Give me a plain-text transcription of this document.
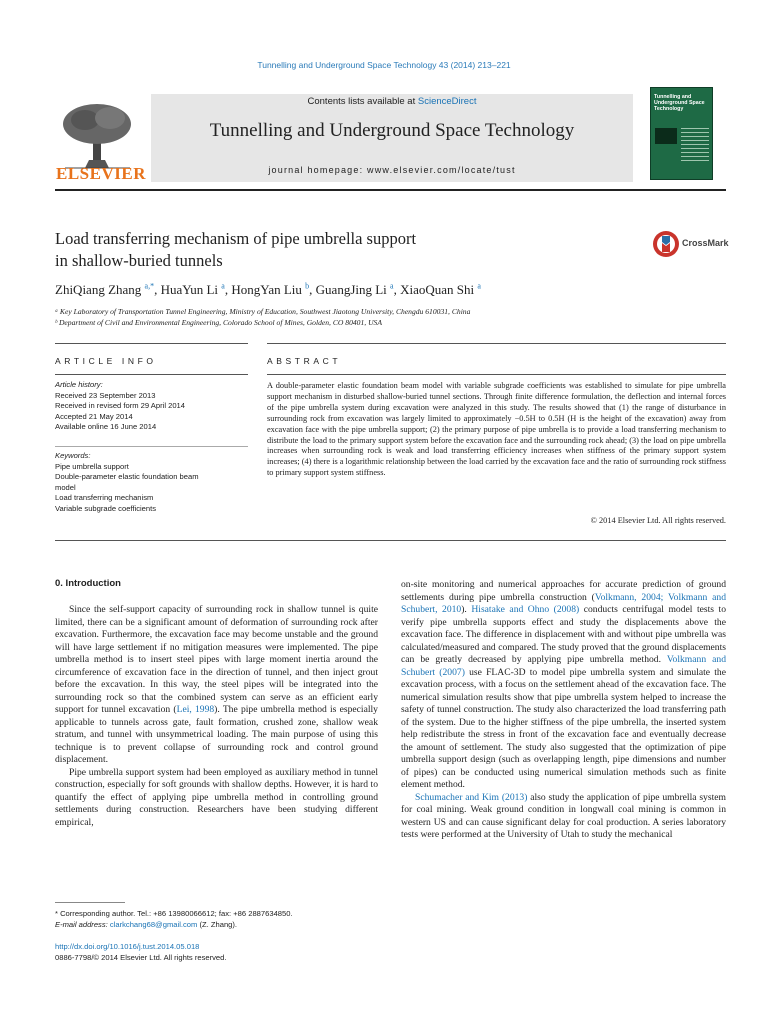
Tunnelling and Underground Space Technology 43 (2014) 213–221
ELSEVIER
Contents lists available at ScienceDirect
Tunnelling and Underground Space Technology
journal homepage: www.elsevier.com/locate/tust
Tunnelling and Underground Space Technology
Load transferring mechanism of pipe umbrella support
in shallow-buried tunnels
CrossMark
ZhiQiang Zhang $^{a,*}$, HuaYun Li $^a$, HongYan Liu $^b$, GuangJing Li $^a$, XiaoQuan Shi $^a$
ᵃ Key Laboratory of Transportation Tunnel Engineering, Ministry of Education, Southwest Jiaotong University, Chengdu 610031, China
ᵇ Department of Civil and Environmental Engineering, Colorado School of Mines, Golden, CO 80401, USA
ARTICLE INFO	ABSTRACT
Article history:
Received 23 September 2013
Received in revised form 29 April 2014
Accepted 21 May 2014
Available online 16 June 2014
Keywords:
Pipe umbrella support
Double-parameter elastic foundation beam
model
Load transferring mechanism
Variable subgrade coefficients
A double-parameter elastic foundation beam model with variable subgrade coefficients was established to simulate for pipe umbrella support mechanism in disturbed shallow-buried tunnel sections. Through finite difference formulation, the deflection and internal forces of the pipe umbrella system during excavation were analyzed in this study. The results showed that (1) the range of disturbance in surrounding rock from excavation was largely limited to approximately −0.5H to 0.5H (H is the height of the excavation) away from excavation face with the pipe umbrella support; (2) the primary purpose of pipe umbrella is to provide a load transferring mechanism to distribute the load to the primary support system before the excavation face and the surrounding rock ahead; (3) the load on pipe umbrella increases when surrounding rock is weak and load transferring efficiency increases when stiffness of the primary support system increases; (4) there is a logarithmic relationship between the load carried by the excavation face and the ratio of surrounding rock stiffness to primary support system stiffness.
© 2014 Elsevier Ltd. All rights reserved.
0. Introduction

Since the self-support capacity of surrounding rock in shallow tunnel is quite limited, there can be a significant amount of deformation of surrounding rock after excavation. Furthermore, the excavation face may become unstable and the ground will have large settlement if no mitigation measures were implemented. The pipe umbrella method is to insert steel pipes with large moment inertia around the circumference of excavation face in the direction of tunnel, and then inject grout before the excavation. In this way, the steel pipes will be integrated into the surrounding rock so that the combined system can serve as an efficient early support for tunnel excavation (Lei, 1998). The pipe umbrella method is especially applicable to tunnels across gate, fault formation, crushed zone, shallow weak stratum, and tunnel with unsymmetrical loading. The main purpose of using this technique is to prevent collapse of surrounding rock and control ground displacement.

Pipe umbrella support system had been employed as auxiliary method in tunnel construction, especially for soft grounds with shallow depths. However, it is hard to quantify the effect of applying pipe umbrella method in controlling ground settlements during construction. Researchers have been studying different empirical,

on-site monitoring and numerical approaches for accurate prediction of ground settlements during pipe umbrella construction (Volkmann, 2004; Volkmann and Schubert, 2010). Hisatake and Ohno (2008) conducts centrifugal model tests to verify pipe umbrella supports effect and study the displacements above the excavation face. The difference in displacement with and without pipe umbrella was calculated/measured and compared. The study proved that the ground displacements can be greatly decreased by applying pipe umbrella method. Volkmann and Schubert (2007) use FLAC-3D to model pipe umbrella system and simulate the excavation process, with a focus on the settlement ahead of the excavation face. The numerical simulation results show that pipe umbrella system helped to increase the safety of tunnel construction. The study also characterized the load transferring path of the system. Due to the higher stiffness of the pipe umbrella, the inserted system help redistribute the stress in front of the excavation face and eventually decrease the amount of settlement. The study also suggested that the optimization of pipe umbrella support design (such as overlapping length, pipe dimensions and number of pipes) can be conducted using numerical simulation methods such as finite element method.

Schumacher and Kim (2013) also study the application of pipe umbrella system for coal mining. Weak ground condition in longwall coal mining is common in western US and can cause significant delay for coal production. A series laboratory tests were performed at the University of Utah to study the mechanical

* Corresponding author. Tel.: +86 13980066612; fax: +86 2887634850.
E-mail address: clarkchang68@gmail.com (Z. Zhang).
http://dx.doi.org/10.1016/j.tust.2014.05.018
0886-7798/© 2014 Elsevier Ltd. All rights reserved.
